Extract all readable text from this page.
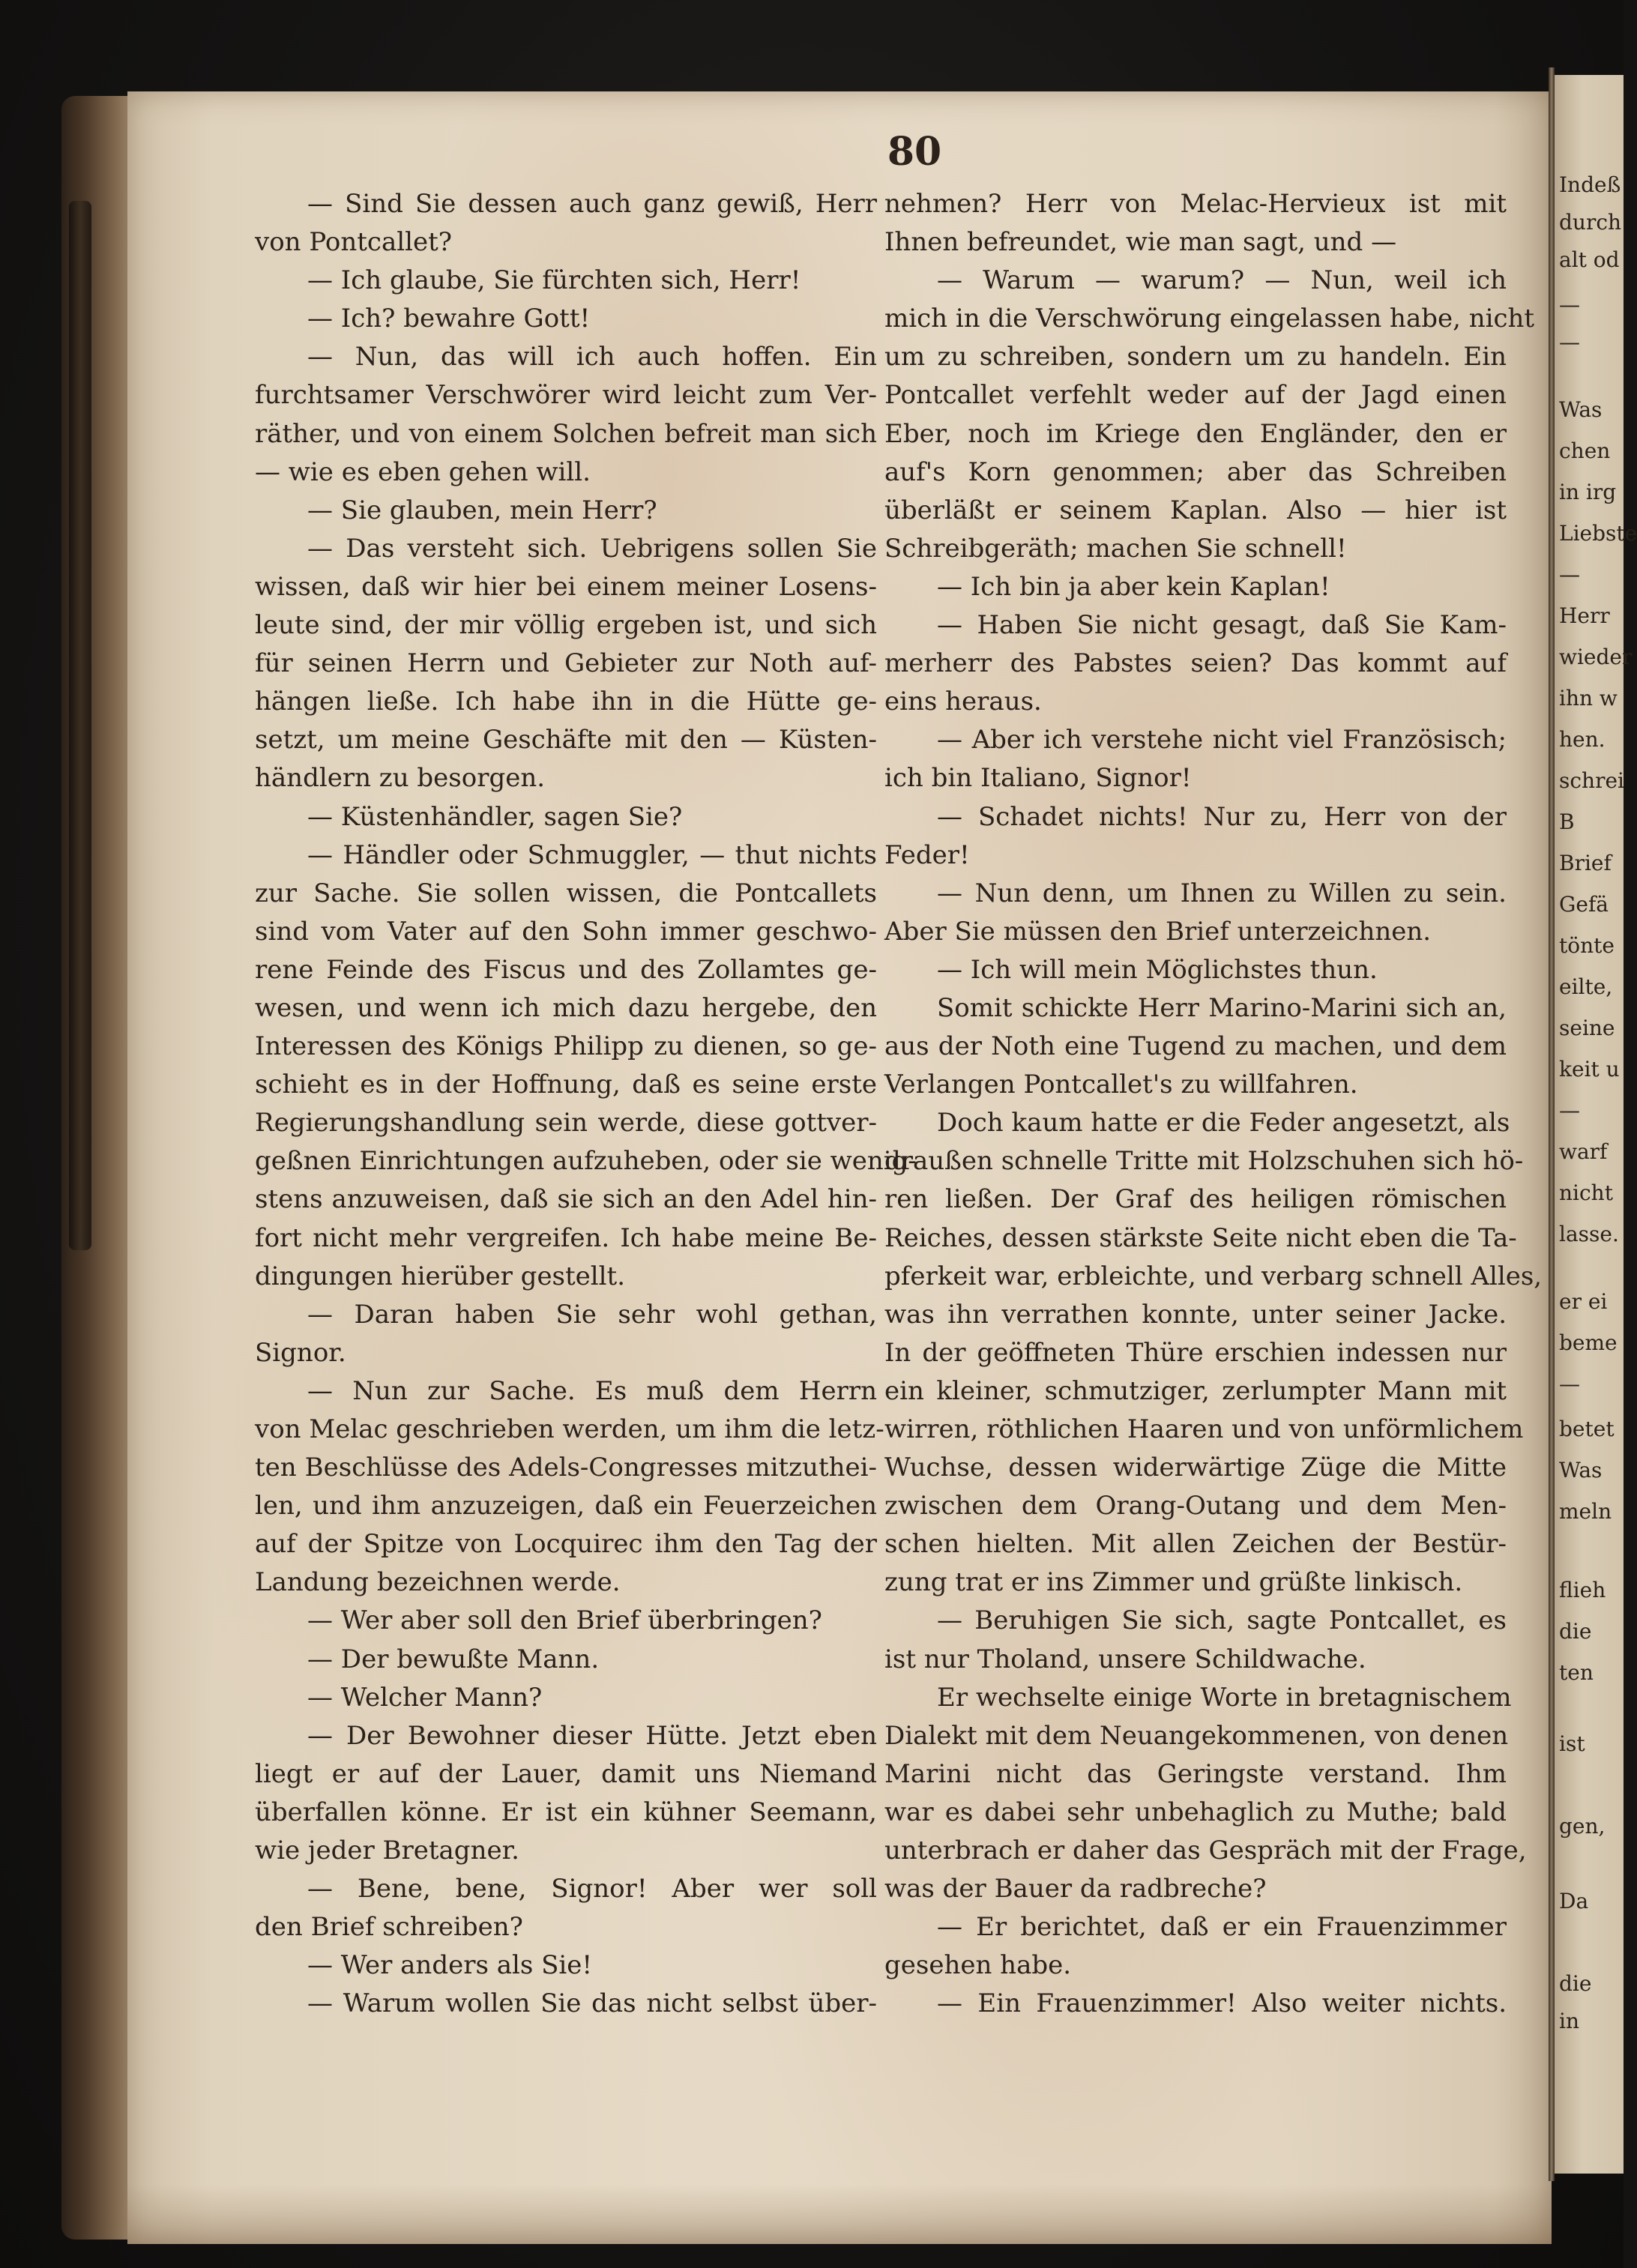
80
— Sind Sie dessen auch ganz gewiß, Herr
von Pontcallet?
— Ich glaube, Sie fürchten sich, Herr!
— Ich? bewahre Gott!
— Nun, das will ich auch hoffen. Ein
furchtsamer Verschwörer wird leicht zum Ver-
räther, und von einem Solchen befreit man sich
— wie es eben gehen will.
— Sie glauben, mein Herr?
— Das versteht sich. Uebrigens sollen Sie
wissen, daß wir hier bei einem meiner Losens-
leute sind, der mir völlig ergeben ist, und sich
für seinen Herrn und Gebieter zur Noth auf-
hängen ließe. Ich habe ihn in die Hütte ge-
setzt, um meine Geschäfte mit den — Küsten-
händlern zu besorgen.
— Küstenhändler, sagen Sie?
— Händler oder Schmuggler, — thut nichts
zur Sache. Sie sollen wissen, die Pontcallets
sind vom Vater auf den Sohn immer geschwo-
rene Feinde des Fiscus und des Zollamtes ge-
wesen, und wenn ich mich dazu hergebe, den
Interessen des Königs Philipp zu dienen, so ge-
schieht es in der Hoffnung, daß es seine erste
Regierungshandlung sein werde, diese gottver-
geßnen Einrichtungen aufzuheben, oder sie wenig-
stens anzuweisen, daß sie sich an den Adel hin-
fort nicht mehr vergreifen. Ich habe meine Be-
dingungen hierüber gestellt.
— Daran haben Sie sehr wohl gethan,
Signor.
— Nun zur Sache. Es muß dem Herrn
von Melac geschrieben werden, um ihm die letz-
ten Beschlüsse des Adels-Congresses mitzuthei-
len, und ihm anzuzeigen, daß ein Feuerzeichen
auf der Spitze von Locquirec ihm den Tag der
Landung bezeichnen werde.
— Wer aber soll den Brief überbringen?
— Der bewußte Mann.
— Welcher Mann?
— Der Bewohner dieser Hütte. Jetzt eben
liegt er auf der Lauer, damit uns Niemand
überfallen könne. Er ist ein kühner Seemann,
wie jeder Bretagner.
— Bene, bene, Signor! Aber wer soll
den Brief schreiben?
— Wer anders als Sie!
— Warum wollen Sie das nicht selbst über-
nehmen? Herr von Melac-Hervieux ist mit
Ihnen befreundet, wie man sagt, und —
— Warum — warum? — Nun, weil ich
mich in die Verschwörung eingelassen habe, nicht
um zu schreiben, sondern um zu handeln. Ein
Pontcallet verfehlt weder auf der Jagd einen
Eber, noch im Kriege den Engländer, den er
auf's Korn genommen; aber das Schreiben
überläßt er seinem Kaplan. Also — hier ist
Schreibgeräth; machen Sie schnell!
— Ich bin ja aber kein Kaplan!
— Haben Sie nicht gesagt, daß Sie Kam-
merherr des Pabstes seien? Das kommt auf
eins heraus.
— Aber ich verstehe nicht viel Französisch;
ich bin Italiano, Signor!
— Schadet nichts! Nur zu, Herr von der
Feder!
— Nun denn, um Ihnen zu Willen zu sein.
Aber Sie müssen den Brief unterzeichnen.
— Ich will mein Möglichstes thun.
Somit schickte Herr Marino-Marini sich an,
aus der Noth eine Tugend zu machen, und dem
Verlangen Pontcallet's zu willfahren.
Doch kaum hatte er die Feder angesetzt, als
draußen schnelle Tritte mit Holzschuhen sich hö-
ren ließen. Der Graf des heiligen römischen
Reiches, dessen stärkste Seite nicht eben die Ta-
pferkeit war, erbleichte, und verbarg schnell Alles,
was ihn verrathen konnte, unter seiner Jacke.
In der geöffneten Thüre erschien indessen nur
ein kleiner, schmutziger, zerlumpter Mann mit
wirren, röthlichen Haaren und von unförmlichem
Wuchse, dessen widerwärtige Züge die Mitte
zwischen dem Orang-Outang und dem Men-
schen hielten. Mit allen Zeichen der Bestür-
zung trat er ins Zimmer und grüßte linkisch.
— Beruhigen Sie sich, sagte Pontcallet, es
ist nur Tholand, unsere Schildwache.
Er wechselte einige Worte in bretagnischem
Dialekt mit dem Neuangekommenen, von denen
Marini nicht das Geringste verstand. Ihm
war es dabei sehr unbehaglich zu Muthe; bald
unterbrach er daher das Gespräch mit der Frage,
was der Bauer da radbreche?
— Er berichtet, daß er ein Frauenzimmer
gesehen habe.
— Ein Frauenzimmer! Also weiter nichts.
Indeß
durch
alt od
—
—
Was
chen
in irg
Liebste
—
Herr
wieder
ihn w
hen.
schrei
B
Brief
Gefä
tönte
eilte,
seine
keit u
—
warf
nicht
lasse.
er ei
beme
—
betet
Was
meln
flieh
die
ten
ist
gen,
Da
die
in
